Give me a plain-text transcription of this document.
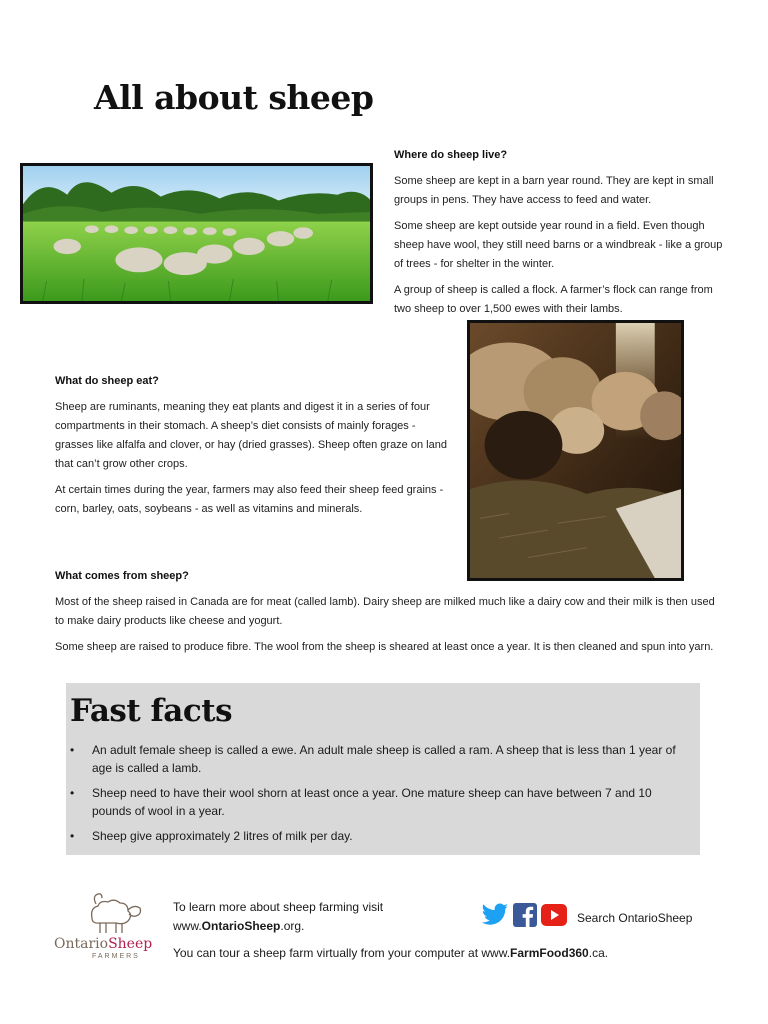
All about sheep
Where do sheep live?

Some sheep are kept in a barn year round. They are kept in small groups in pens. They have access to feed and water.

Some sheep are kept outside year round in a field. Even though sheep have wool, they still need barns or a windbreak - like a group of trees - for shelter in the winter.

A group of sheep is called a flock. A farmer’s flock can range from two sheep to over 1,500 ewes with their lambs.

What do sheep eat?

Sheep are ruminants, meaning they eat plants and digest it in a series of four compartments in their stomach. A sheep’s diet consists of mainly forages - grasses like alfalfa and clover, or hay (dried grasses). Sheep often graze on land that can’t grow other crops.

At certain times during the year, farmers may also feed their sheep feed grains - corn, barley, oats, soybeans - as well as vitamins and minerals.

What comes from sheep?

Most of the sheep raised in Canada are for meat (called lamb). Dairy sheep are milked much like a dairy cow and their milk is then used to make dairy products like cheese and yogurt.

Some sheep are raised to produce fibre. The wool from the sheep is sheared at least once a year. It is then cleaned and spun into yarn.

Fast facts
• An adult female sheep is called a ewe. An adult male sheep is called a ram. A sheep that is less than 1 year of age is called a lamb.
• Sheep need to have their wool shorn at least once a year. One mature sheep can have between 7 and 10 pounds of wool in a year.
• Sheep give approximately 2 litres of milk per day.
OntarioSheep
FARMERS
To learn more about sheep farming visit
www.OntarioSheep.org.
You can tour a sheep farm virtually from your computer at www.FarmFood360.ca.
Search OntarioSheep
